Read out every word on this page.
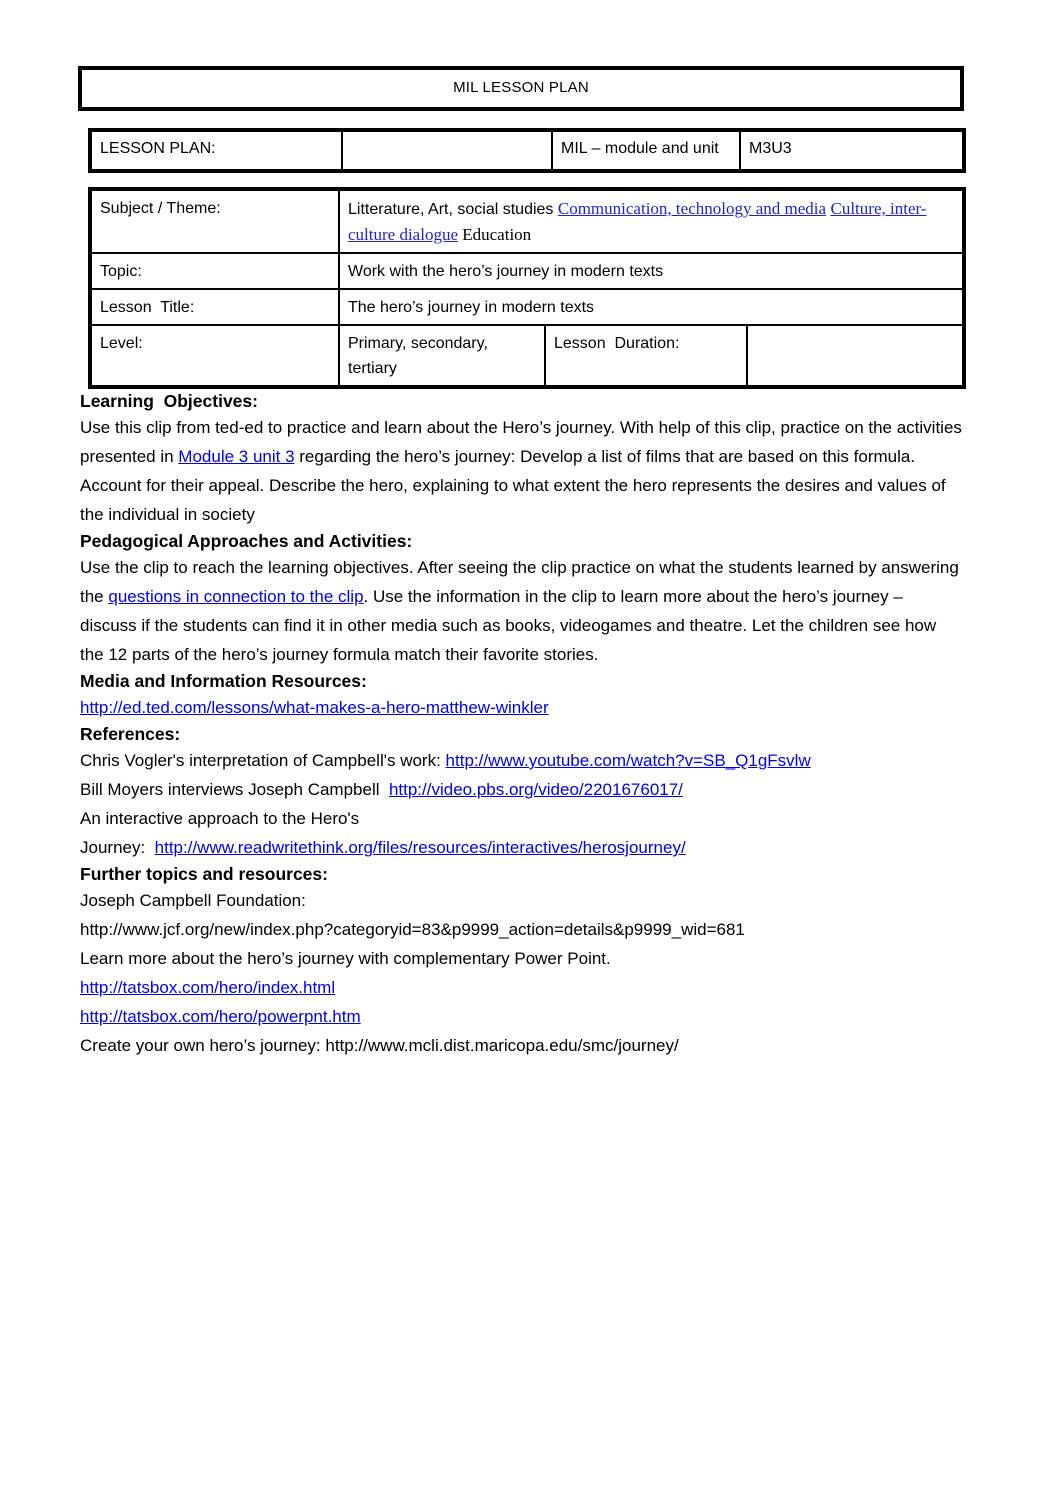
MIL LESSON PLAN
LESSON PLAN:		MIL – module and unit	M3U3
Subject / Theme:	Litterature, Art, social studies Communication, technology and media Culture, inter-culture dialogue Education		
Topic:	Work with the hero’s journey in modern texts		
Lesson  Title:	The hero’s journey in modern texts		
Level:	Primary, secondary, tertiary	Lesson  Duration:	
Learning  Objectives:

Use this clip from ted-ed to practice and learn about the Hero’s journey. With help of this clip, practice on the activities presented in Module 3 unit 3 regarding the hero’s journey: Develop a list of films that are based on this formula. Account for their appeal. Describe the hero, explaining to what extent the hero represents the desires and values of the individual in society

Pedagogical Approaches and Activities:

Use the clip to reach the learning objectives. After seeing the clip practice on what the students learned by answering the questions in connection to the clip. Use the information in the clip to learn more about the hero’s journey – discuss if the students can find it in other media such as books, videogames and theatre. Let the children see how the 12 parts of the hero’s journey formula match their favorite stories.

Media and Information Resources:

http://ed.ted.com/lessons/what-makes-a-hero-matthew-winkler

References:

Chris Vogler's interpretation of Campbell's work: http://www.youtube.com/watch?v=SB_Q1gFsvlw

Bill Moyers interviews Joseph Campbell  http://video.pbs.org/video/2201676017/

An interactive approach to the Hero's

Journey:  http://www.readwritethink.org/files/resources/interactives/herosjourney/

Further topics and resources:

Joseph Campbell Foundation:
http://www.jcf.org/new/index.php?categoryid=83&p9999_action=details&p9999_wid=681

Learn more about the hero’s journey with complementary Power Point.
http://tatsbox.com/hero/index.html

http://tatsbox.com/hero/powerpnt.htm

Create your own hero’s journey: http://www.mcli.dist.maricopa.edu/smc/journey/
